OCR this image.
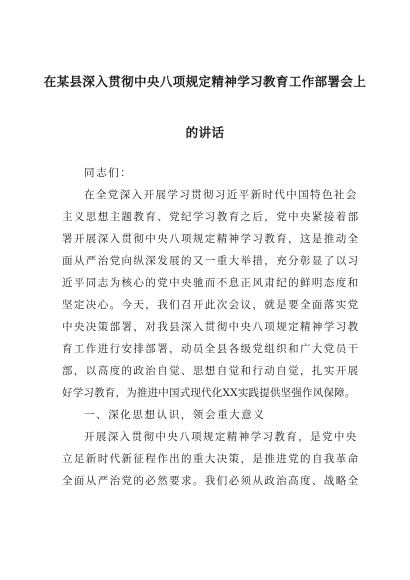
在某县深入贯彻中央八项规定精神学习教育工作部署会上
的讲话
同志们：
在全党深入开展学习贯彻习近平新时代中国特色社会
主义思想主题教育、党纪学习教育之后，党中央紧接着部
署开展深入贯彻中央八项规定精神学习教育，这是推动全
面从严治党向纵深发展的又一重大举措，充分彰显了以习
近平同志为核心的党中央驰而不息正风肃纪的鲜明态度和
坚定决心。今天，我们召开此次会议，就是要全面落实党
中央决策部署，对我县深入贯彻中央八项规定精神学习教
育工作进行安排部署，动员全县各级党组织和广大党员干
部，以高度的政治自觉、思想自觉和行动自觉，扎实开展
好学习教育，为推进中国式现代化XX实践提供坚强作风保障。
一、深化思想认识，领会重大意义
开展深入贯彻中央八项规定精神学习教育，是党中央
立足新时代新征程作出的重大决策，是推进党的自我革命
全面从严治党的必然要求。我们必须从政治高度、战略全
